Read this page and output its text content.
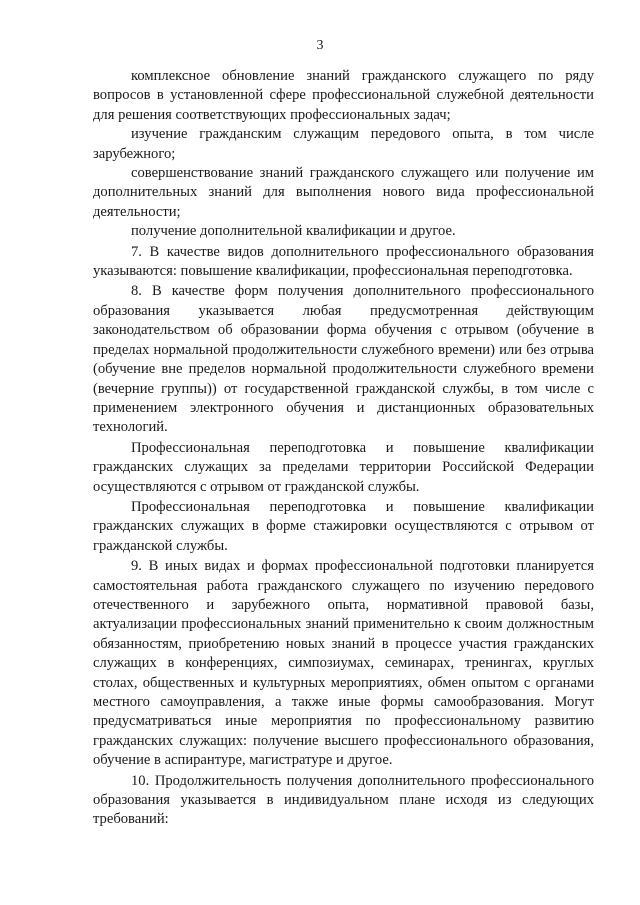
3

комплексное обновление знаний гражданского служащего по ряду вопросов в установленной сфере профессиональной служебной деятельности для решения соответствующих профессиональных задач;

изучение гражданским служащим передового опыта, в том числе зарубежного;

совершенствование знаний гражданского служащего или получение им дополнительных знаний для выполнения нового вида профессиональной деятельности;

получение дополнительной квалификации и другое.

7. В качестве видов дополнительного профессионального образования указываются: повышение квалификации, профессиональная переподготовка.

8. В качестве форм получения дополнительного профессионального образования указывается любая предусмотренная действующим законодательством об образовании форма обучения с отрывом (обучение в пределах нормальной продолжительности служебного времени) или без отрыва (обучение вне пределов нормальной продолжительности служебного времени (вечерние группы)) от государственной гражданской службы, в том числе с применением электронного обучения и дистанционных образовательных технологий.

Профессиональная переподготовка и повышение квалификации гражданских служащих за пределами территории Российской Федерации осуществляются с отрывом от гражданской службы.

Профессиональная переподготовка и повышение квалификации гражданских служащих в форме стажировки осуществляются с отрывом от гражданской службы.

9. В иных видах и формах профессиональной подготовки планируется самостоятельная работа гражданского служащего по изучению передового отечественного и зарубежного опыта, нормативной правовой базы, актуализации профессиональных знаний применительно к своим должностным обязанностям, приобретению новых знаний в процессе участия гражданских служащих в конференциях, симпозиумах, семинарах, тренингах, круглых столах, общественных и культурных мероприятиях, обмен опытом с органами местного самоуправления, а также иные формы самообразования. Могут предусматриваться иные мероприятия по профессиональному развитию гражданских служащих: получение высшего профессионального образования, обучение в аспирантуре, магистратуре и другое.

10. Продолжительность получения дополнительного профессионального образования указывается в индивидуальном плане исходя из следующих требований:
